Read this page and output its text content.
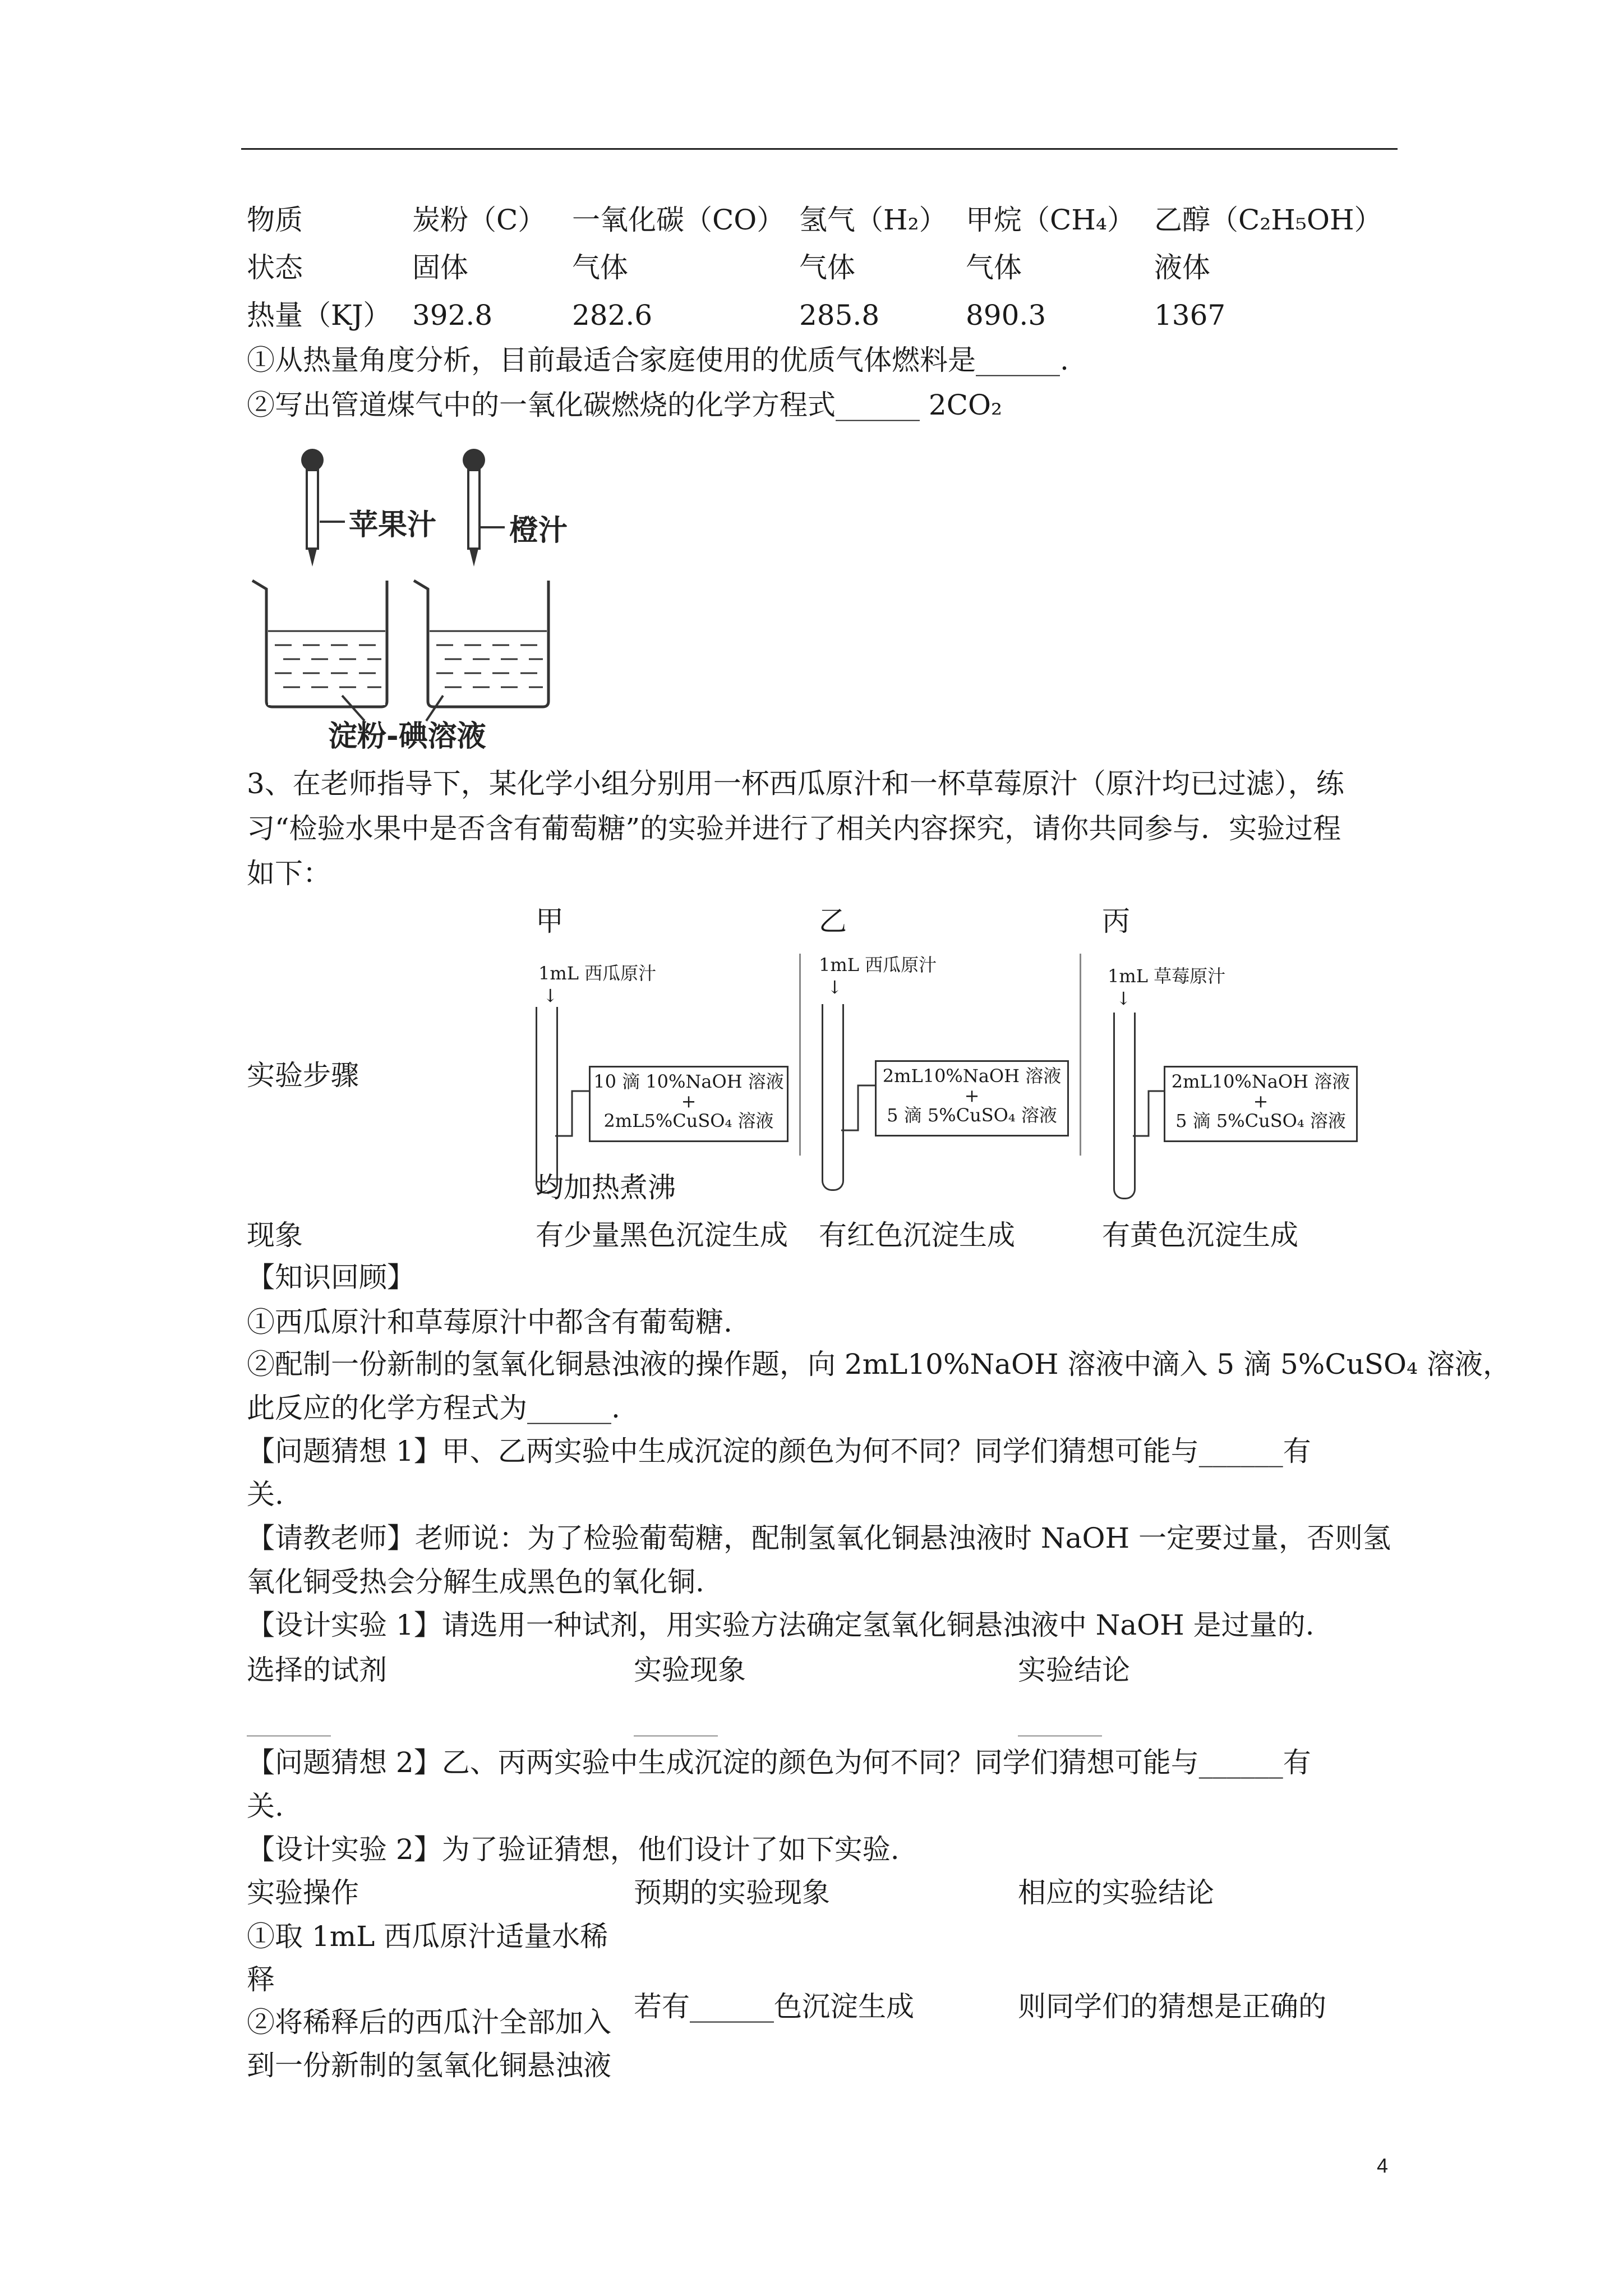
物质	炭粉（C） 一氧化碳（CO） 氢气（H₂） 甲烷（CH₄） 乙醇（C₂H₅OH）
状态	固体	气体	气体	气体	液体
热量（KJ） 392.8	282.6	285.8	890.3	1367
①从热量角度分析，目前最适合家庭使用的优质气体燃料是______.
②写出管道煤气中的一氧化碳燃烧的化学方程式______ 2CO₂
苹果汁 橙汁
淀粉-碘溶液
3、在老师指导下，某化学小组分别用一杯西瓜原汁和一杯草莓原汁（原汁均已过滤），练
习“检验水果中是否含有葡萄糖”的实验并进行了相关内容探究，请你共同参与．实验过程
如下：
甲	乙	丙
实验步骤
1mL 西瓜原汁
↓
10 滴 10%NaOH 溶液
+
2mL5%CuSO₄ 溶液
1mL 西瓜原汁
↓
2mL10%NaOH 溶液
+
5 滴 5%CuSO₄ 溶液
1mL 草莓原汁
↓
2mL10%NaOH 溶液
+
5 滴 5%CuSO₄ 溶液
均加热煮沸
现象	有少量黑色沉淀生成 有红色沉淀生成	有黄色沉淀生成
【知识回顾】
①西瓜原汁和草莓原汁中都含有葡萄糖.
②配制一份新制的氢氧化铜悬浊液的操作题，向 2mL10%NaOH 溶液中滴入 5 滴 5%CuSO₄ 溶液，
此反应的化学方程式为______.
【问题猜想 1】甲、乙两实验中生成沉淀的颜色为何不同？同学们猜想可能与______有
关.
【请教老师】老师说：为了检验葡萄糖，配制氢氧化铜悬浊液时 NaOH 一定要过量，否则氢
氧化铜受热会分解生成黑色的氧化铜.
【设计实验 1】请选用一种试剂，用实验方法确定氢氧化铜悬浊液中 NaOH 是过量的.
选择的试剂	实验现象	实验结论
______	______	______
【问题猜想 2】乙、丙两实验中生成沉淀的颜色为何不同？同学们猜想可能与______有
关.
【设计实验 2】为了验证猜想，他们设计了如下实验.
实验操作	预期的实验现象	相应的实验结论
①取 1mL 西瓜原汁适量水稀
释
②将稀释后的西瓜汁全部加入
到一份新制的氢氧化铜悬浊液
若有______色沉淀生成	则同学们的猜想是正确的
4
